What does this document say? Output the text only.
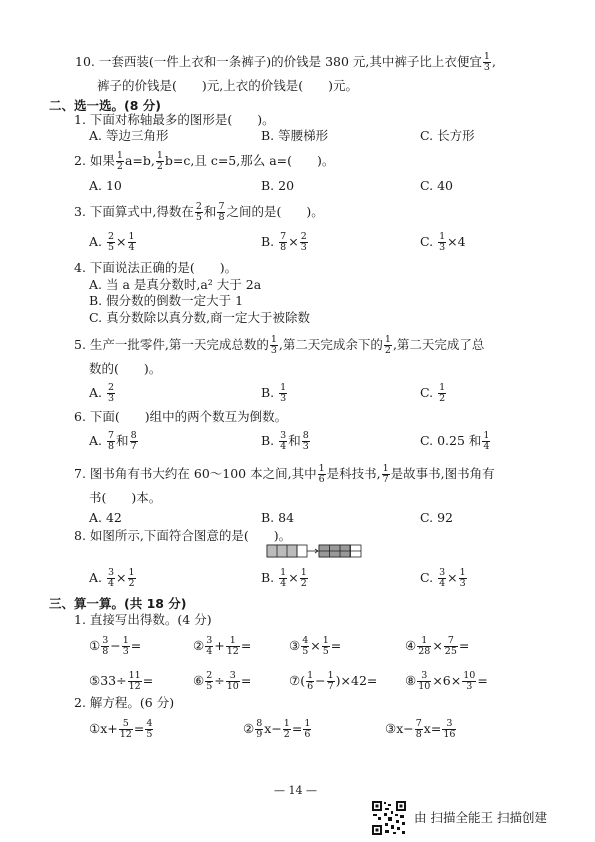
10. 一套西装(一件上衣和一条裤子)的价钱是 380 元,其中裤子比上衣便宜 $\frac{1}{3}$ ,
裤子的价钱是(　　)元,上衣的价钱是(　　)元。
二、选一选。(8 分)
1. 下面对称轴最多的图形是(　　)。
A. 等边三角形	B. 等腰梯形	C. 长方形
2. 如果 $\frac{1}{2} a=b$, $\frac{1}{2} b=c$,且 c=5,那么 a=(　　)。
A. 10	B. 20	C. 40
3. 下面算式中,得数在 $\frac{2}{5}$ 和 $\frac{7}{8}$ 之间的是(　　)。
A. $\frac{2}{5} \times \frac{1}{4}$	B. $\frac{7}{8} \times \frac{2}{3}$	C. $\frac{1}{3} \times 4$
4. 下面说法正确的是(　　)。
A. 当 a 是真分数时,a² 大于 2a
B. 假分数的倒数一定大于 1
C. 真分数除以真分数,商一定大于被除数
5. 生产一批零件,第一天完成总数的 $\frac{1}{3}$ ,第二天完成余下的 $\frac{1}{2}$ ,第二天完成了总
数的(　　)。
A. $\frac{2}{3}$	B. $\frac{1}{3}$	C. $\frac{1}{2}$
6. 下面(　　)组中的两个数互为倒数。
A. $\frac{7}{8}$ 和 $\frac{8}{7}$	B. $\frac{3}{4}$ 和 $\frac{8}{3}$	C. 0.25 和 $\frac{1}{4}$
7. 图书角有书大约在 60～100 本之间,其中 $\frac{1}{6}$ 是科技书, $\frac{1}{7}$ 是故事书,图书角有
书(　　)本。
A. 42	B. 84	C. 92
8. 如图所示,下面符合图意的是(　　)。
A. $\frac{3}{4} \times \frac{1}{2}$	B. $\frac{1}{4} \times \frac{1}{2}$	C. $\frac{3}{4} \times \frac{1}{3}$
三、算一算。(共 18 分)
1. 直接写出得数。(4 分)
① $\frac{3}{8} - \frac{1}{3}$ =	② $\frac{3}{4} + \frac{1}{12}$ =	③ $\frac{4}{5} \times \frac{1}{5}$ =	④ $\frac{1}{28} \times \frac{7}{25}$ =
⑤33÷ $\frac{11}{12}$ =	⑥ $\frac{2}{5} \div \frac{3}{10}$ =	⑦( $\frac{1}{6} - \frac{1}{7} )\times 42=$ ⑧ $\frac{3}{10} \times 6\times \frac{10}{3}$ =
2. 解方程。(6 分)
①x+ $\frac{5}{12} = \frac{4}{5}$	② $\frac{8}{9} x- \frac{1}{2} = \frac{1}{6}$	③x− $\frac{7}{8} x= \frac{3}{16}$
— 14 —
由 扫描全能王 扫描创建
